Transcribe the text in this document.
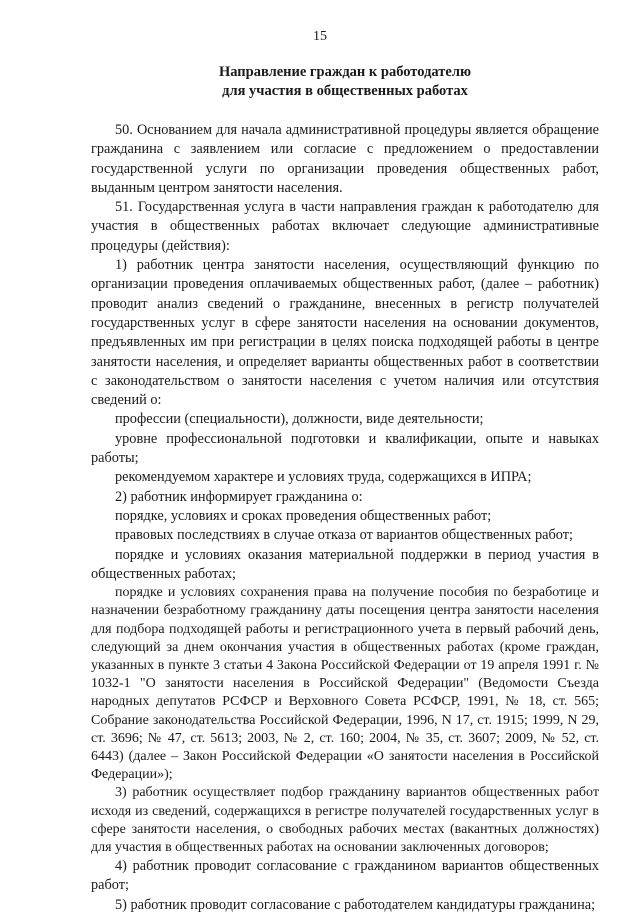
15
Направление граждан к работодателю
для участия в общественных работах

50. Основанием для начала административной процедуры является обращение гражданина с заявлением или согласие с предложением о предоставлении государственной услуги по организации проведения общественных работ, выданным центром занятости населения.

51. Государственная услуга в части направления граждан к работодателю для участия в общественных работах включает следующие административные процедуры (действия):

1) работник центра занятости населения, осуществляющий функцию по организации проведения оплачиваемых общественных работ, (далее – работник) проводит анализ сведений о гражданине, внесенных в регистр получателей государственных услуг в сфере занятости населения на основании документов, предъявленных им при регистрации в целях поиска подходящей работы в центре занятости населения, и определяет варианты общественных работ в соответствии с законодательством о занятости населения с учетом наличия или отсутствия сведений о:

профессии (специальности), должности, виде деятельности;

уровне профессиональной подготовки и квалификации, опыте и навыках работы;

рекомендуемом характере и условиях труда, содержащихся в ИПРА;

2) работник информирует гражданина о:

порядке, условиях и сроках проведения общественных работ;

правовых последствиях в случае отказа от вариантов общественных работ;

порядке и условиях оказания материальной поддержки в период участия в общественных работах;

порядке и условиях сохранения права на получение пособия по безработице и назначении безработному гражданину даты посещения центра занятости населения для подбора подходящей работы и регистрационного учета в первый рабочий день, следующий за днем окончания участия в общественных работах (кроме граждан, указанных в пункте 3 статьи 4 Закона Российской Федерации от 19 апреля 1991 г. № 1032-1 "О занятости населения в Российской Федерации" (Ведомости Съезда народных депутатов РСФСР и Верховного Совета РСФСР, 1991, № 18, ст. 565; Собрание законодательства Российской Федерации, 1996, N 17, ст. 1915; 1999, N 29, ст. 3696; № 47, ст. 5613; 2003, № 2, ст. 160; 2004, № 35, ст. 3607; 2009, № 52, ст. 6443) (далее – Закон Российской Федерации «О занятости населения в Российской Федерации»);

3) работник осуществляет подбор гражданину вариантов общественных работ исходя из сведений, содержащихся в регистре получателей государственных услуг в сфере занятости населения, о свободных рабочих местах (вакантных должностях) для участия в общественных работах на основании заключенных договоров;

4) работник проводит согласование с гражданином вариантов общественных работ;

5) работник проводит согласование с работодателем кандидатуры гражданина;
